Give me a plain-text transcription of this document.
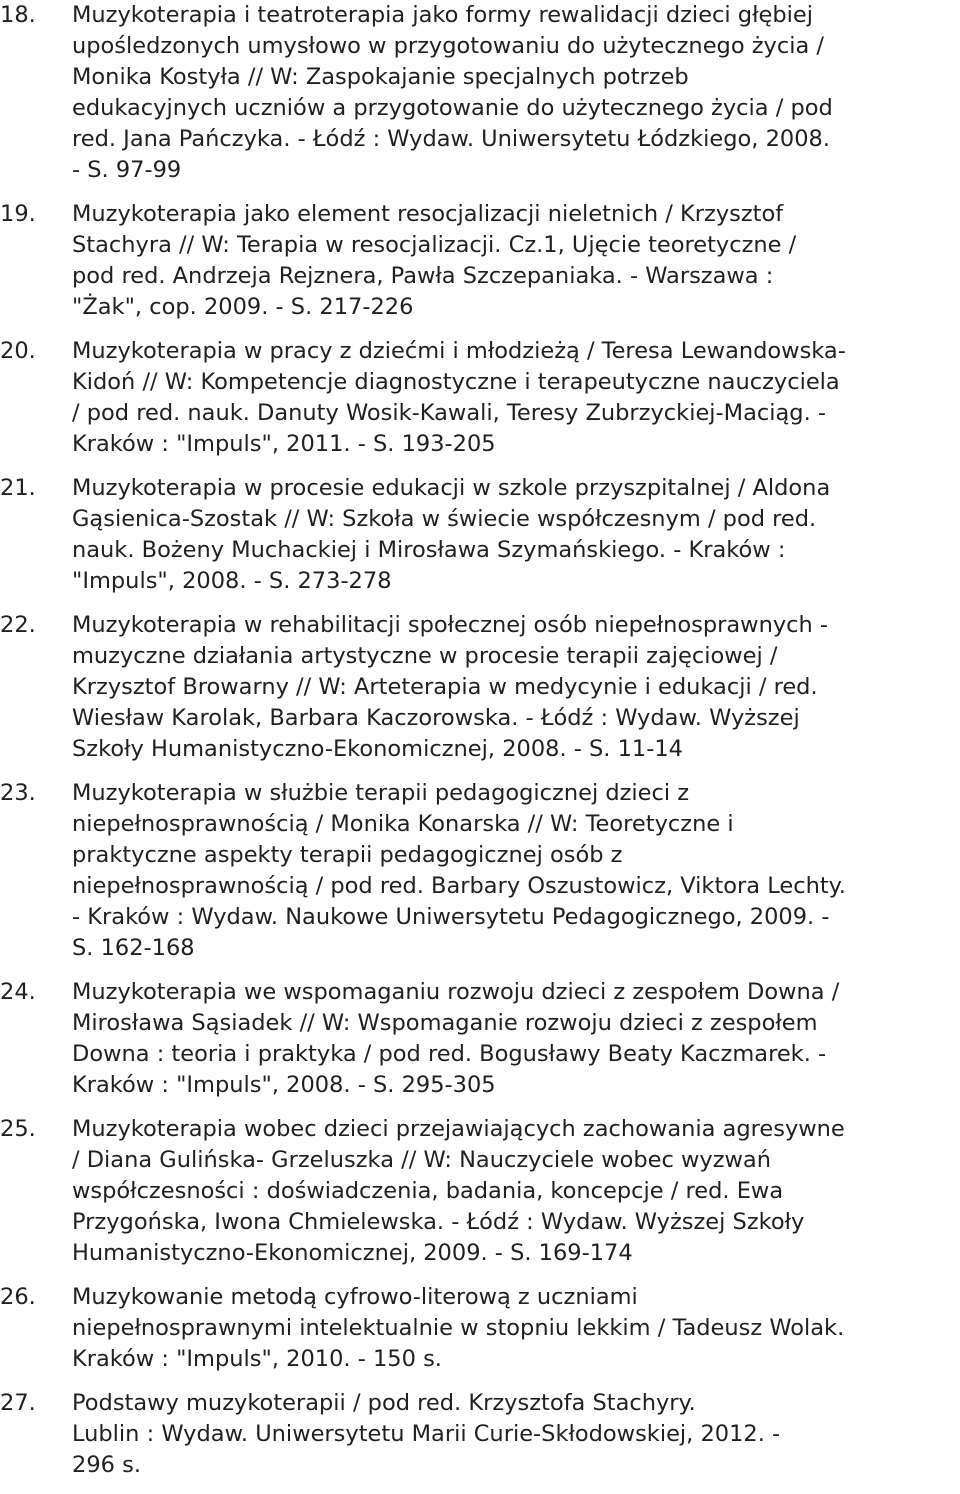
18.	Muzykoterapia i teatroterapia jako formy rewalidacji dzieci głębiej
upośledzonych umysłowo w przygotowaniu do użytecznego życia /
Monika Kostyła // W: Zaspokajanie specjalnych potrzeb
edukacyjnych uczniów a przygotowanie do użytecznego życia / pod
red. Jana Pańczyka. - Łódź : Wydaw. Uniwersytetu Łódzkiego, 2008.
- S. 97-99
19.	Muzykoterapia jako element resocjalizacji nieletnich / Krzysztof
Stachyra // W: Terapia w resocjalizacji. Cz.1, Ujęcie teoretyczne /
pod red. Andrzeja Rejznera, Pawła Szczepaniaka. - Warszawa :
"Żak", cop. 2009. - S. 217-226
20.	Muzykoterapia w pracy z dziećmi i młodzieżą / Teresa Lewandowska-
Kidoń // W: Kompetencje diagnostyczne i terapeutyczne nauczyciela
/ pod red. nauk. Danuty Wosik-Kawali, Teresy Zubrzyckiej-Maciąg. -
Kraków : "Impuls", 2011. - S. 193-205
21.	Muzykoterapia w procesie edukacji w szkole przyszpitalnej / Aldona
Gąsienica-Szostak // W: Szkoła w świecie współczesnym / pod red.
nauk. Bożeny Muchackiej i Mirosława Szymańskiego. - Kraków :
"Impuls", 2008. - S. 273-278
22.	Muzykoterapia w rehabilitacji społecznej osób niepełnosprawnych -
muzyczne działania artystyczne w procesie terapii zajęciowej /
Krzysztof Browarny // W: Arteterapia w medycynie i edukacji / red.
Wiesław Karolak, Barbara Kaczorowska. - Łódź : Wydaw. Wyższej
Szkoły Humanistyczno-Ekonomicznej, 2008. - S. 11-14
23.	Muzykoterapia w służbie terapii pedagogicznej dzieci z
niepełnosprawnością / Monika Konarska // W: Teoretyczne i
praktyczne aspekty terapii pedagogicznej osób z
niepełnosprawnością / pod red. Barbary Oszustowicz, Viktora Lechty.
- Kraków : Wydaw. Naukowe Uniwersytetu Pedagogicznego, 2009. -
S. 162-168
24.	Muzykoterapia we wspomaganiu rozwoju dzieci z zespołem Downa /
Mirosława Sąsiadek // W: Wspomaganie rozwoju dzieci z zespołem
Downa : teoria i praktyka / pod red. Bogusławy Beaty Kaczmarek. -
Kraków : "Impuls", 2008. - S. 295-305
25.	Muzykoterapia wobec dzieci przejawiających zachowania agresywne
/ Diana Gulińska- Grzeluszka // W: Nauczyciele wobec wyzwań
współczesności : doświadczenia, badania, koncepcje / red. Ewa
Przygońska, Iwona Chmielewska. - Łódź : Wydaw. Wyższej Szkoły
Humanistyczno-Ekonomicznej, 2009. - S. 169-174
26.	Muzykowanie metodą cyfrowo-literową z uczniami
niepełnosprawnymi intelektualnie w stopniu lekkim / Tadeusz Wolak.
Kraków : "Impuls", 2010. - 150 s.
27.	Podstawy muzykoterapii / pod red. Krzysztofa Stachyry.
Lublin : Wydaw. Uniwersytetu Marii Curie-Skłodowskiej, 2012. -
296 s.
